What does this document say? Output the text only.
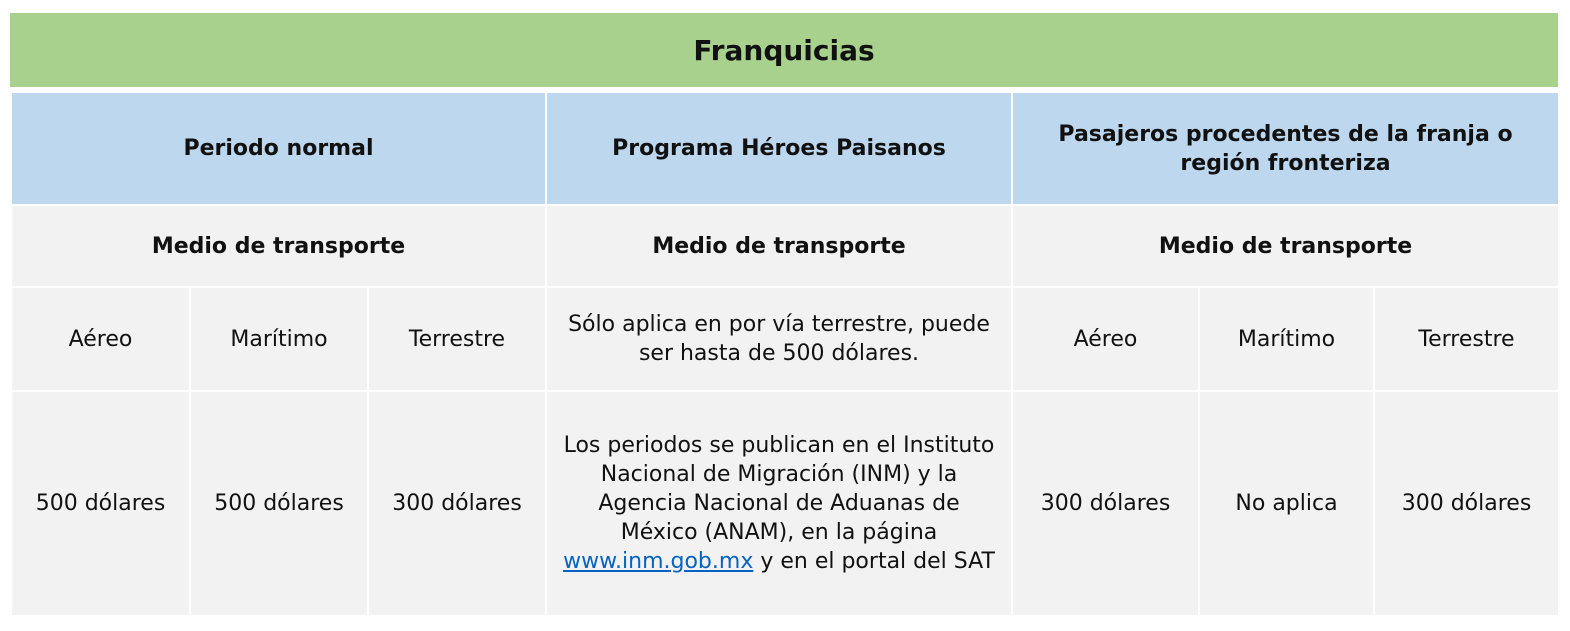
Franquicias
Periodo normal			Programa Héroes Paisanos	Pasajeros procedentes de la franja o región fronteriza		
Medio de transporte			Medio de transporte	Medio de transporte		
Aéreo	Marítimo	Terrestre	Sólo aplica en por vía terrestre, puede ser hasta de 500 dólares.	Aéreo	Marítimo	Terrestre
500 dólares	500 dólares	300 dólares	Los periodos se publican en el Instituto Nacional de Migración (INM) y la Agencia Nacional de Aduanas de México (ANAM), en la página www.inm.gob.mx y en el portal del SAT	300 dólares	No aplica	300 dólares
